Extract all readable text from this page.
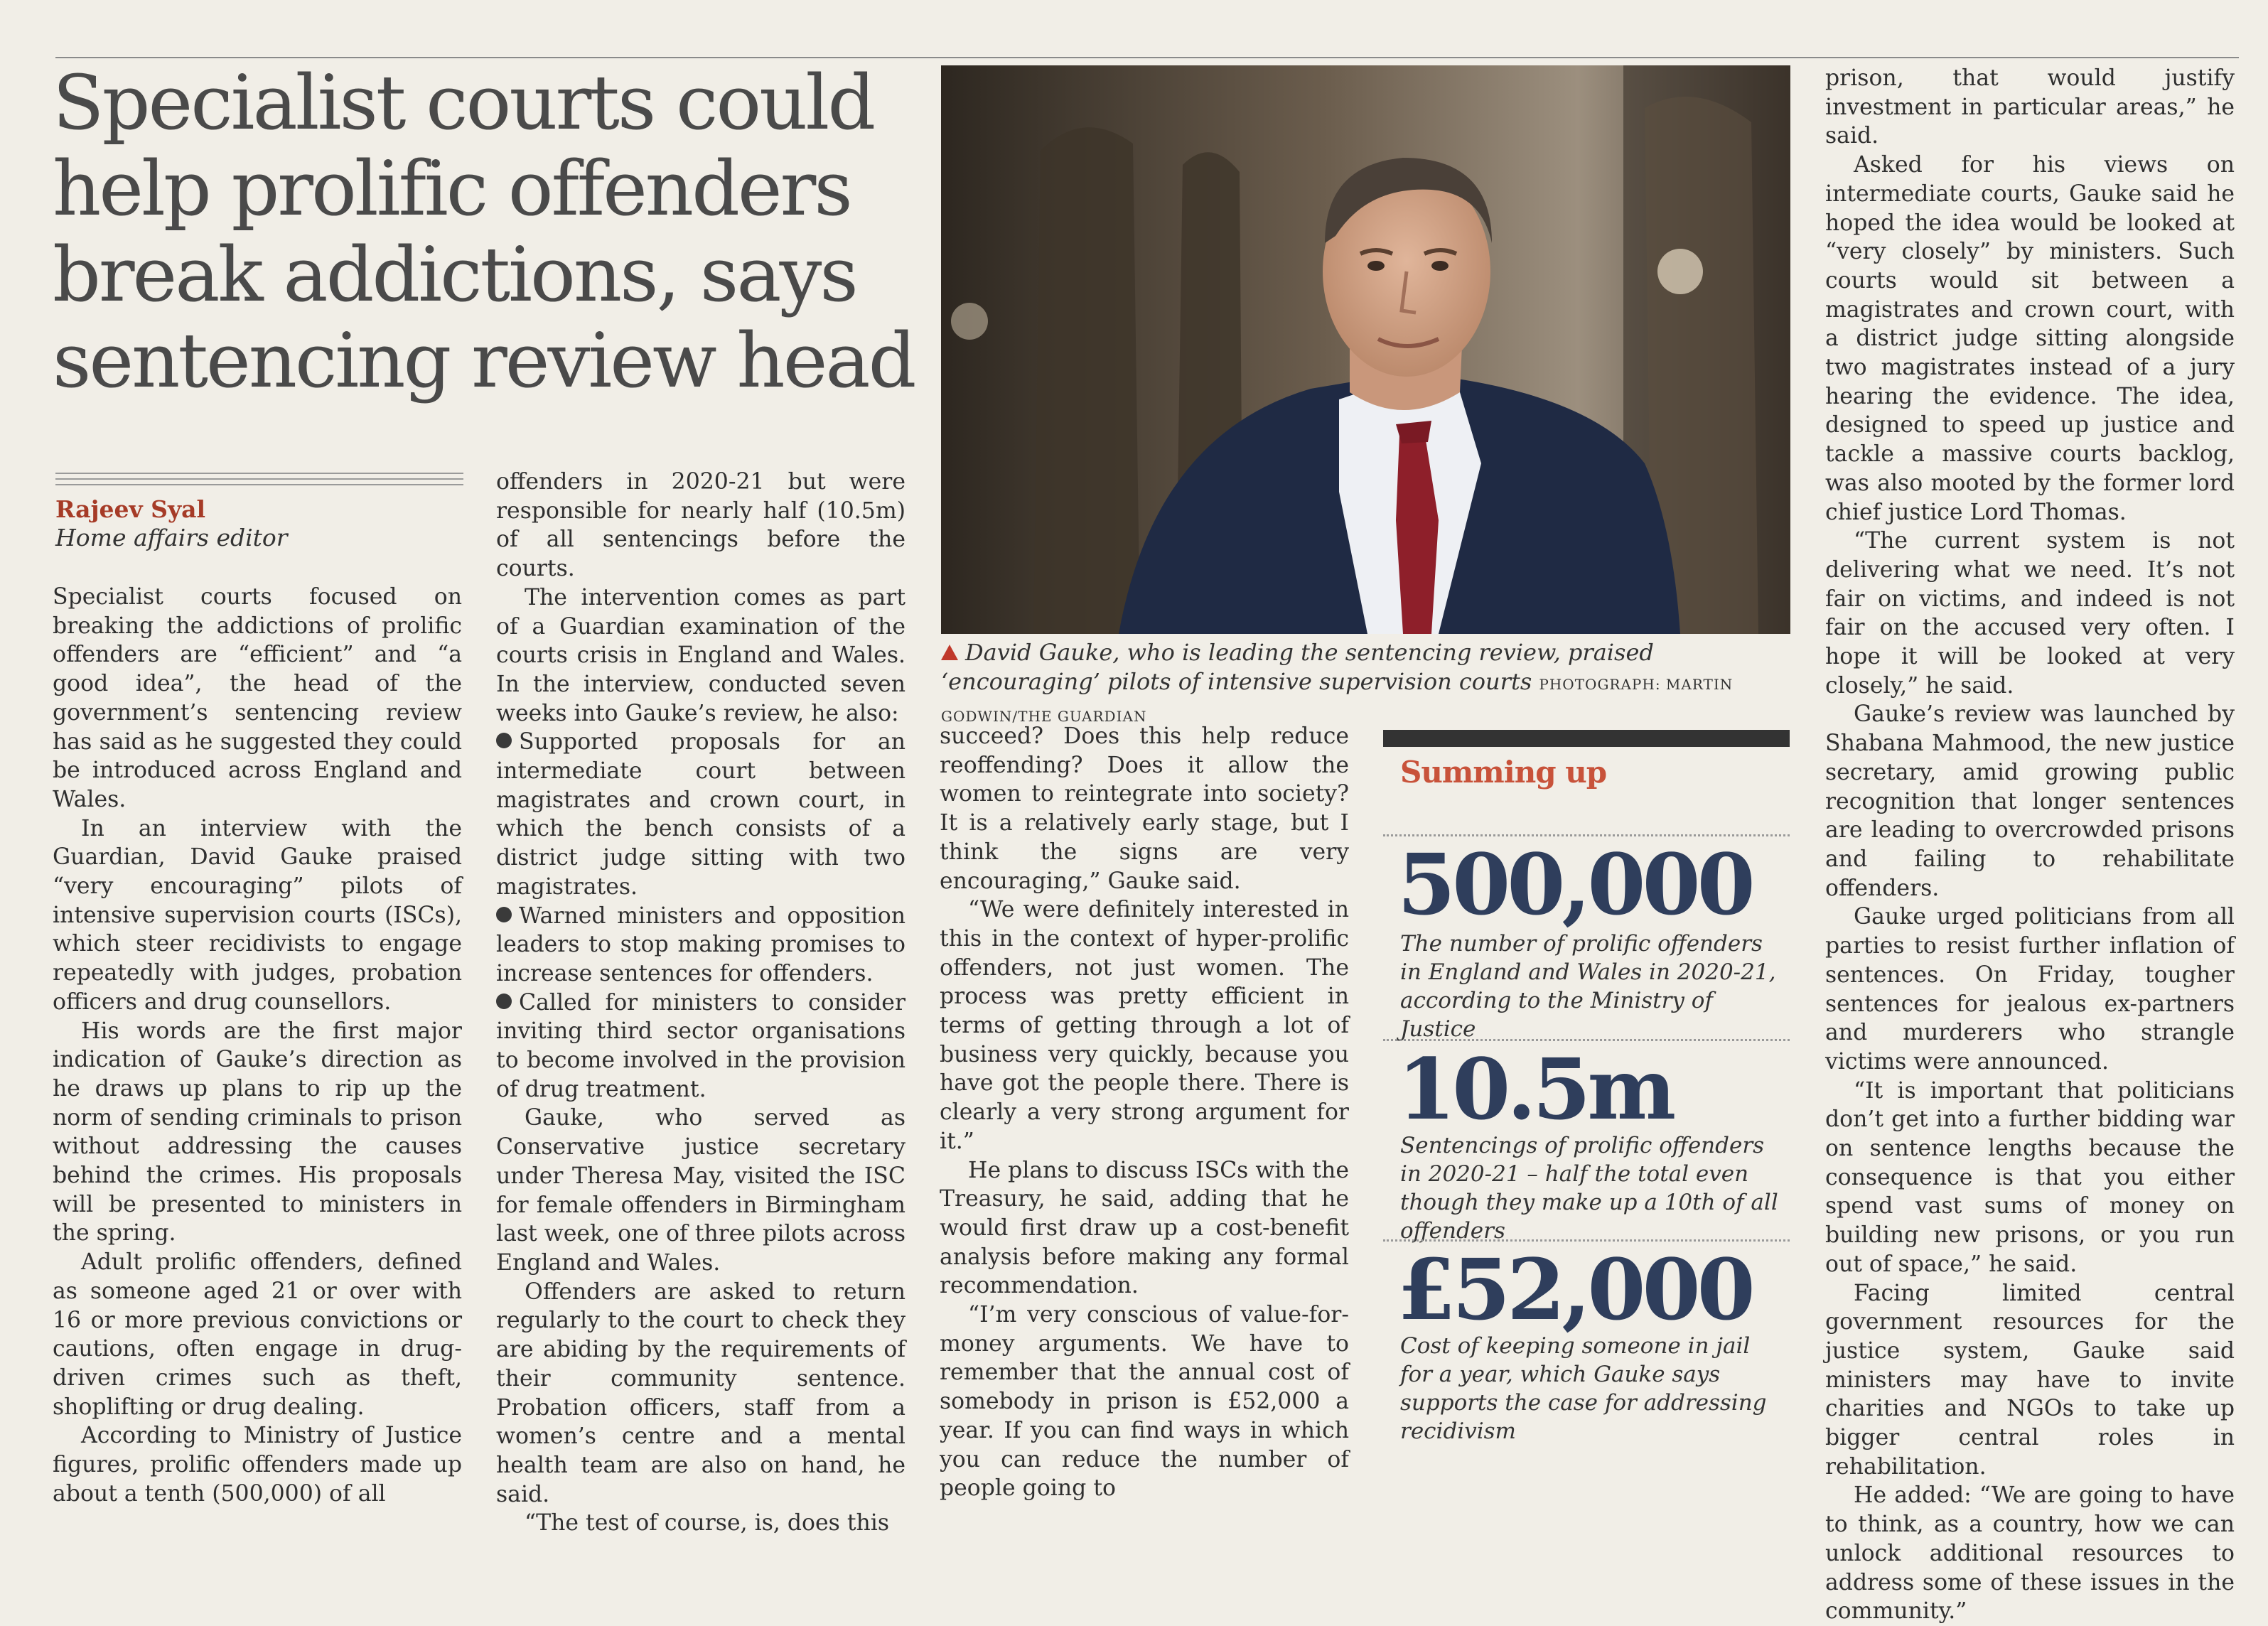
Specialist courts could
help prolific offenders
break addictions, says
sentencing review head
Rajeev Syal
Home affairs editor

Specialist courts focused on breaking the addictions of prolific offenders are “efficient” and “a good idea”, the head of the government’s sentencing review has said as he suggested they could be introduced across England and Wales.

In an interview with the Guardian, David Gauke praised “very encouraging” pilots of intensive supervision courts (ISCs), which steer recidivists to engage repeatedly with judges, probation officers and drug counsellors.

His words are the first major indication of Gauke’s direction as he draws up plans to rip up the norm of sending criminals to prison without addressing the causes behind the crimes. His proposals will be presented to ministers in the spring.

Adult prolific offenders, defined as someone aged 21 or over with 16 or more previous convictions or cautions, often engage in drug-driven crimes such as theft, shoplifting or drug dealing.

According to Ministry of Justice figures, prolific offenders made up about a tenth (500,000) of all

offenders in 2020-21 but were responsible for nearly half (10.5m) of all sentencings before the courts.

The intervention comes as part of a Guardian examination of the courts crisis in England and Wales. In the interview, conducted seven weeks into Gauke’s review, he also:

Supported proposals for an intermediate court between magistrates and crown court, in which the bench consists of a district judge sitting with two magistrates.

Warned ministers and opposition leaders to stop making promises to increase sentences for offenders.

Called for ministers to consider inviting third sector organisations to become involved in the provision of drug treatment.

Gauke, who served as Conservative justice secretary under Theresa May, visited the ISC for female offenders in Birmingham last week, one of three pilots across England and Wales.

Offenders are asked to return regularly to the court to check they are abiding by the requirements of their community sentence. Probation officers, staff from a women’s centre and a mental health team are also on hand, he said.

“The test of course, is, does this

David Gauke, who is leading the sentencing review, praised ‘encouraging’ pilots of intensive supervision courts PHOTOGRAPH: MARTIN GODWIN/THE GUARDIAN

succeed? Does this help reduce reoffending? Does it allow the women to reintegrate into society? It is a relatively early stage, but I think the signs are very encouraging,” Gauke said.

“We were definitely interested in this in the context of hyper-prolific offenders, not just women. The process was pretty efficient in terms of getting through a lot of business very quickly, because you have got the people there. There is clearly a very strong argument for it.”

He plans to discuss ISCs with the Treasury, he said, adding that he would first draw up a cost-benefit analysis before making any formal recommendation.

“I’m very conscious of value-for-money arguments. We have to remember that the annual cost of somebody in prison is £52,000 a year. If you can find ways in which you can reduce the number of people going to

Summing up
500,000
The number of prolific offenders in England and Wales in 2020-21, according to the Ministry of Justice
10.5m
Sentencings of prolific offenders in 2020-21 – half the total even though they make up a 10th of all offenders
£52,000
Cost of keeping someone in jail for a year, which Gauke says supports the case for addressing recidivism

prison, that would justify investment in particular areas,” he said.

Asked for his views on intermediate courts, Gauke said he hoped the idea would be looked at “very closely” by ministers. Such courts would sit between a magistrates and crown court, with a district judge sitting alongside two magistrates instead of a jury hearing the evidence. The idea, designed to speed up justice and tackle a massive courts backlog, was also mooted by the former lord chief justice Lord Thomas.

“The current system is not delivering what we need. It’s not fair on victims, and indeed is not fair on the accused very often. I hope it will be looked at very closely,” he said.

Gauke’s review was launched by Shabana Mahmood, the new justice secretary, amid growing public recognition that longer sentences are leading to overcrowded prisons and failing to rehabilitate offenders.

Gauke urged politicians from all parties to resist further inflation of sentences. On Friday, tougher sentences for jealous ex-partners and murderers who strangle victims were announced.

“It is important that politicians don’t get into a further bidding war on sentence lengths because the consequence is that you either spend vast sums of money on building new prisons, or you run out of space,” he said.

Facing limited central government resources for the justice system, Gauke said ministers may have to invite charities and NGOs to take up bigger central roles in rehabilitation.

He added: “We are going to have to think, as a country, how we can unlock additional resources to address some of these issues in the community.”
